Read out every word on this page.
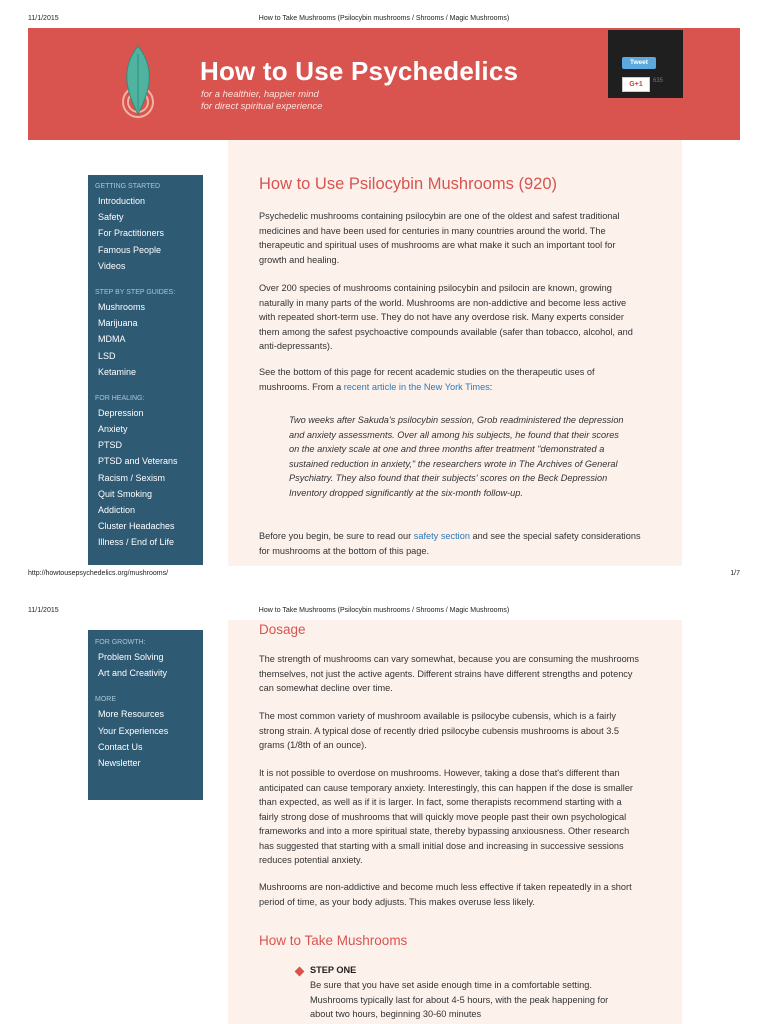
11/1/2015	How to Take Mushrooms (Psilocybin mushrooms / Shrooms / Magic Mushrooms)
How to Use Psychedelics
for a healthier, happier mind
for direct spiritual experience
Tweet
G+1	635
GETTING STARTED
Introduction
Safety
For Practitioners
Famous People
Videos
STEP BY STEP GUIDES:
Mushrooms
Marijuana
MDMA
LSD
Ketamine
FOR HEALING:
Depression
Anxiety
PTSD
PTSD and Veterans
Racism / Sexism
Quit Smoking
Addiction
Cluster Headaches
Illness / End of Life
How to Use Psilocybin Mushrooms (920)

Psychedelic mushrooms containing psilocybin are one of the oldest and safest traditional medicines and have been used for centuries in many countries around the world. The therapeutic and spiritual uses of mushrooms are what make it such an important tool for growth and healing.

Over 200 species of mushrooms containing psilocybin and psilocin are known, growing naturally in many parts of the world. Mushrooms are non-addictive and become less active with repeated short-term use. They do not have any overdose risk. Many experts consider them among the safest psychoactive compounds available (safer than tobacco, alcohol, and anti-depressants).

See the bottom of this page for recent academic studies on the therapeutic uses of mushrooms. From a recent article in the New York Times:

Two weeks after Sakuda's psilocybin session, Grob readministered the depression and anxiety assessments. Over all among his subjects, he found that their scores on the anxiety scale at one and three months after treatment "demonstrated a sustained reduction in anxiety," the researchers wrote in The Archives of General Psychiatry. They also found that their subjects' scores on the Beck Depression Inventory dropped significantly at the six-month follow-up.

Before you begin, be sure to read our safety section and see the special safety considerations for mushrooms at the bottom of this page.

http://howtousepsychedelics.org/mushrooms/	1/7
11/1/2015	How to Take Mushrooms (Psilocybin mushrooms / Shrooms / Magic Mushrooms)
FOR GROWTH:
Problem Solving
Art and Creativity
MORE
More Resources
Your Experiences
Contact Us
Newsletter
Dosage

The strength of mushrooms can vary somewhat, because you are consuming the mushrooms themselves, not just the active agents. Different strains have different strengths and potency can somewhat decline over time.

The most common variety of mushroom available is psilocybe cubensis, which is a fairly strong strain. A typical dose of recently dried psilocybe cubensis mushrooms is about 3.5 grams (1/8th of an ounce).

It is not possible to overdose on mushrooms. However, taking a dose that's different than anticipated can cause temporary anxiety. Interestingly, this can happen if the dose is smaller than expected, as well as if it is larger. In fact, some therapists recommend starting with a fairly strong dose of mushrooms that will quickly move people past their own psychological frameworks and into a more spiritual state, thereby bypassing anxiousness. Other research has suggested that starting with a small initial dose and increasing in successive sessions reduces potential anxiety.

Mushrooms are non-addictive and become much less effective if taken repeatedly in a short period of time, as your body adjusts. This makes overuse less likely.

How to Take Mushrooms
STEP ONE

Be sure that you have set aside enough time in a comfortable setting. Mushrooms typically last for about 4-5 hours, with the peak happening for about two hours, beginning 30-60 minutes
